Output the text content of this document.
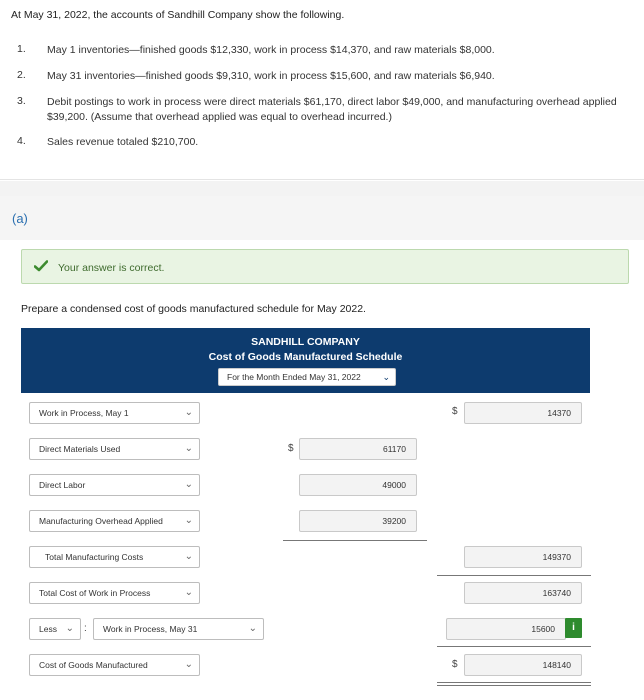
At May 31, 2022, the accounts of Sandhill Company show the following.
1. May 1 inventories—finished goods $12,330, work in process $14,370, and raw materials $8,000.
2. May 31 inventories—finished goods $9,310, work in process $15,600, and raw materials $6,940.
3. Debit postings to work in process were direct materials $61,170, direct labor $49,000, and manufacturing overhead applied $39,200. (Assume that overhead applied was equal to overhead incurred.)
4. Sales revenue totaled $210,700.
(a)
Your answer is correct.
Prepare a condensed cost of goods manufactured schedule for May 2022.
SANDHILL COMPANY
Cost of Goods Manufactured Schedule
For the Month Ended May 31, 2022 ⌄
Work in Process, May 1	⌄	$	14370
Direct Materials Used	⌄	$	61170
Direct Labor	⌄	49000
Manufacturing Overhead Applied ⌄	39200
Total Manufacturing Costs	⌄	149370
Total Cost of Work in Process	⌄	163740
Less ⌄ :	Work in Process, May 31	⌄	15600	i
Cost of Goods Manufactured	⌄	$	148140
